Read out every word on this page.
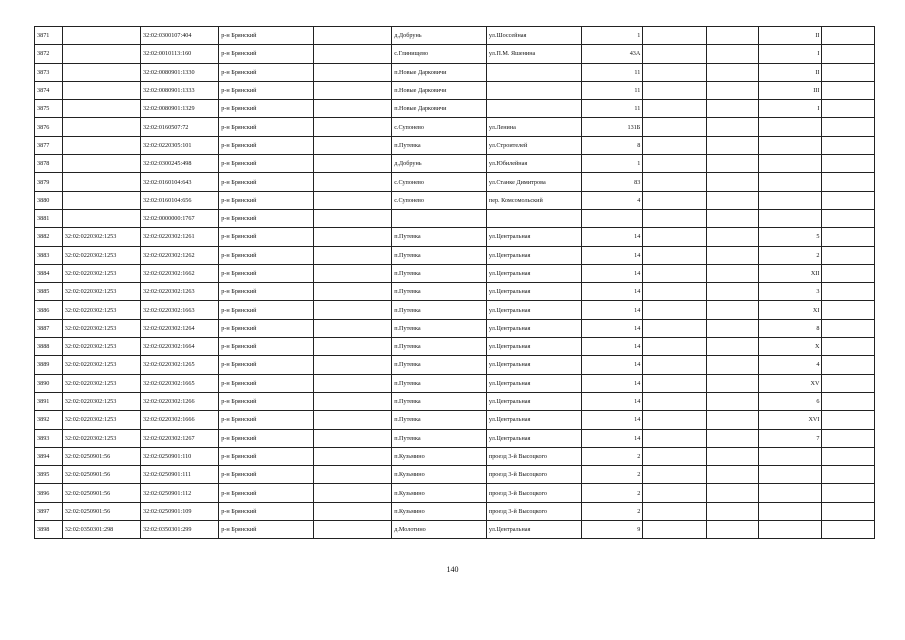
3871		32:02:0300107:404	р-н Брянский		д.Добрунь	ул.Шоссейная	1			II	
3872		32:02:0010113:160	р-н Брянский		с.Глинищево	ул.П.М. Яшенина	43А			I	
3873		32:02:0080901:1330	р-н Брянский		п.Новые Дарковичи		11			II	
3874		32:02:0080901:1333	р-н Брянский		п.Новые Дарковичи		11			III	
3875		32:02:0080901:1329	р-н Брянский		п.Новые Дарковичи		11			I	
3876		32:02:0160507:72	р-н Брянский		с.Супонево	ул.Ленина	131Б				
3877		32:02:0220305:101	р-н Брянский		п.Путевка	ул.Строителей	8				
3878		32:02:0300245:498	р-н Брянский		д.Добрунь	ул.Юбилейная	1				
3879		32:02:0160104:643	р-н Брянский		с.Супонево	ул.Станке Димитрова	83				
3880		32:02:0160104:656	р-н Брянский		с.Супонево	пер. Комсомольский	4				
3881		32:02:0000000:1767	р-н Брянский								
3882	32:02:0220302:1253	32:02:0220302:1261	р-н Брянский		п.Путевка	ул.Центральная	14			5	
3883	32:02:0220302:1253	32:02:0220302:1262	р-н Брянский		п.Путевка	ул.Центральная	14			2	
3884	32:02:0220302:1253	32:02:0220302:1662	р-н Брянский		п.Путевка	ул.Центральная	14			XII	
3885	32:02:0220302:1253	32:02:0220302:1263	р-н Брянский		п.Путевка	ул.Центральная	14			3	
3886	32:02:0220302:1253	32:02:0220302:1663	р-н Брянский		п.Путевка	ул.Центральная	14			XI	
3887	32:02:0220302:1253	32:02:0220302:1264	р-н Брянский		п.Путевка	ул.Центральная	14			8	
3888	32:02:0220302:1253	32:02:0220302:1664	р-н Брянский		п.Путевка	ул.Центральная	14			X	
3889	32:02:0220302:1253	32:02:0220302:1265	р-н Брянский		п.Путевка	ул.Центральная	14			4	
3890	32:02:0220302:1253	32:02:0220302:1665	р-н Брянский		п.Путевка	ул.Центральная	14			XV	
3891	32:02:0220302:1253	32:02:0220302:1266	р-н Брянский		п.Путевка	ул.Центральная	14			6	
3892	32:02:0220302:1253	32:02:0220302:1666	р-н Брянский		п.Путевка	ул.Центральная	14			XVI	
3893	32:02:0220302:1253	32:02:0220302:1267	р-н Брянский		п.Путевка	ул.Центральная	14			7	
3894	32:02:0250901:56	32:02:0250901:110	р-н Брянский		п.Кузьмино	проезд 3-й Высоцкого	2				
3895	32:02:0250901:56	32:02:0250901:111	р-н Брянский		п.Кузьмино	проезд 3-й Высоцкого	2				
3896	32:02:0250901:56	32:02:0250901:112	р-н Брянский		п.Кузьмино	проезд 3-й Высоцкого	2				
3897	32:02:0250901:56	32:02:0250901:109	р-н Брянский		п.Кузьмино	проезд 3-й Высоцкого	2				
3898	32:02:0350301:298	32:02:0350301:299	р-н Брянский		д.Молотино	ул.Центральная	9				
140
